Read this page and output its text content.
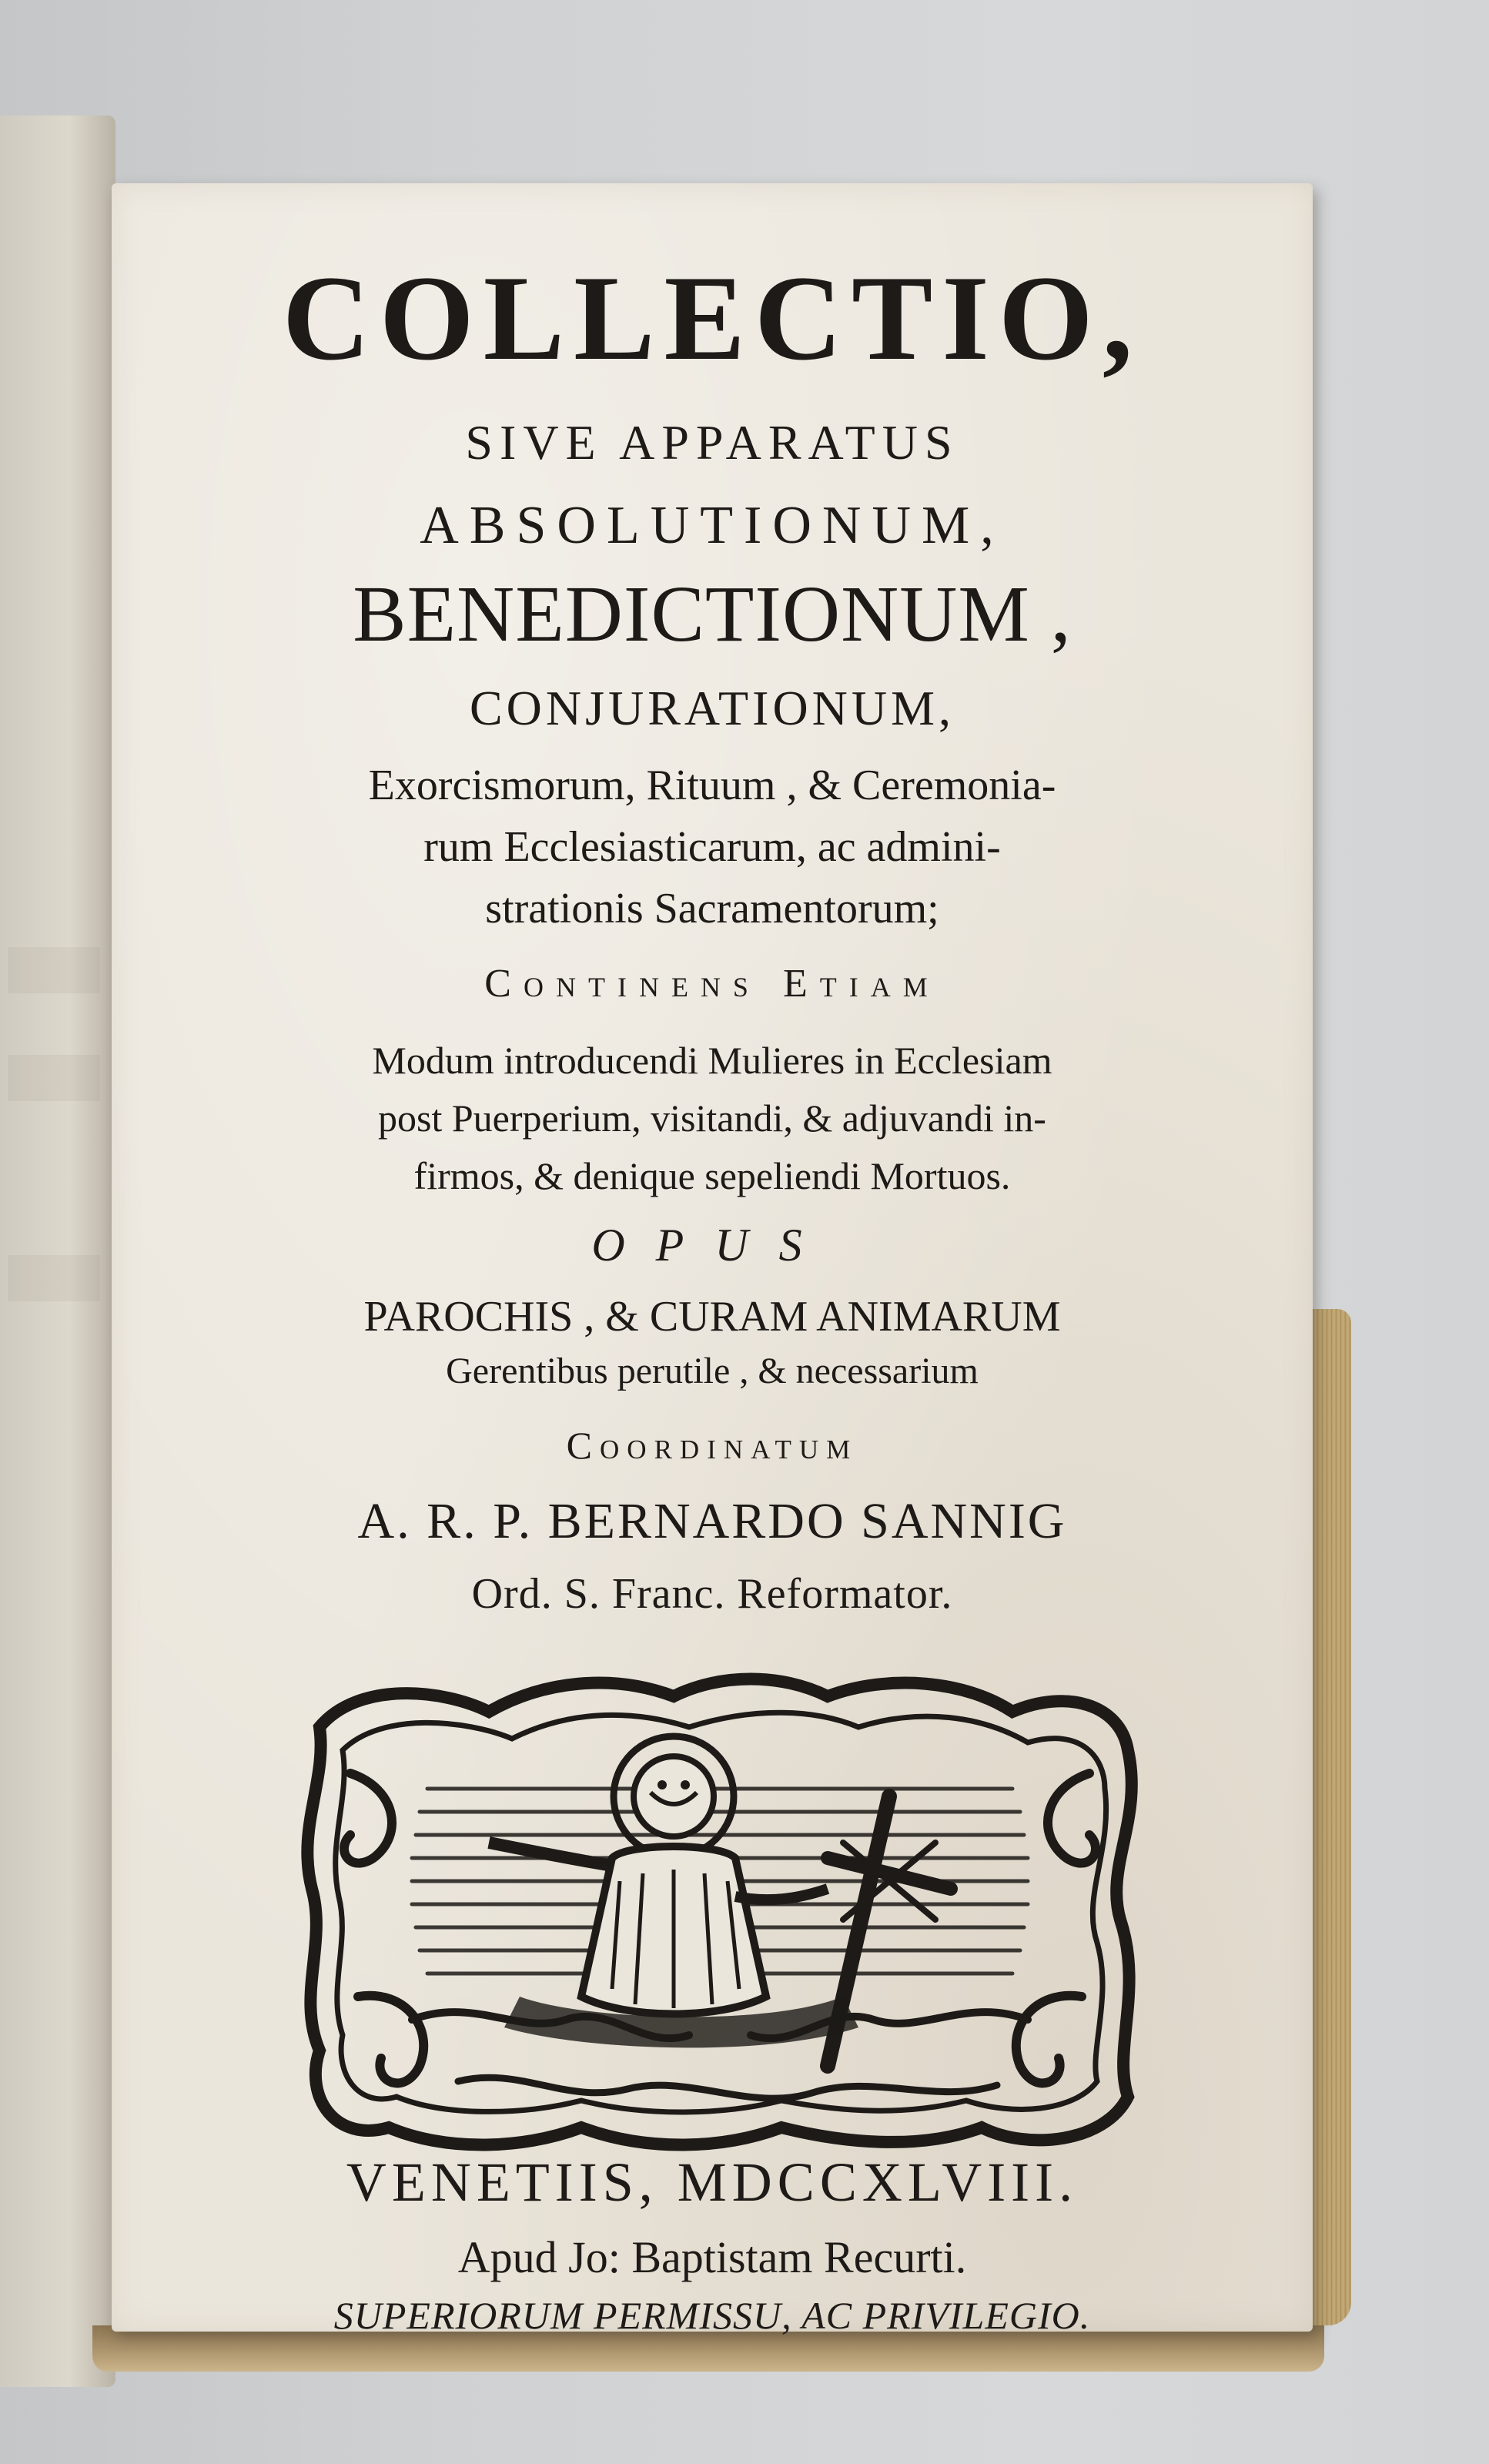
COLLECTIO,

SIVE APPARATUS

ABSOLUTIONUM,

BENEDICTIONUM ,

CONJURATIONUM,

Exorcismorum, Rituum , & Ceremonia-

rum Ecclesiasticarum, ac admini-

strationis Sacramentorum;

Continens Etiam

Modum introducendi Mulieres in Ecclesiam

post Puerperium, visitandi, & adjuvandi in-

firmos, & denique sepeliendi Mortuos.

OPUS

PAROCHIS , & CURAM ANIMARUM

Gerentibus perutile , & necessarium

Coordinatum

A. R. P. BERNARDO SANNIG

Ord. S. Franc. Reformator.

VENETIIS, MDCCXLVIII.

Apud Jo: Baptistam Recurti.

SUPERIORUM PERMISSU, AC PRIVILEGIO.
